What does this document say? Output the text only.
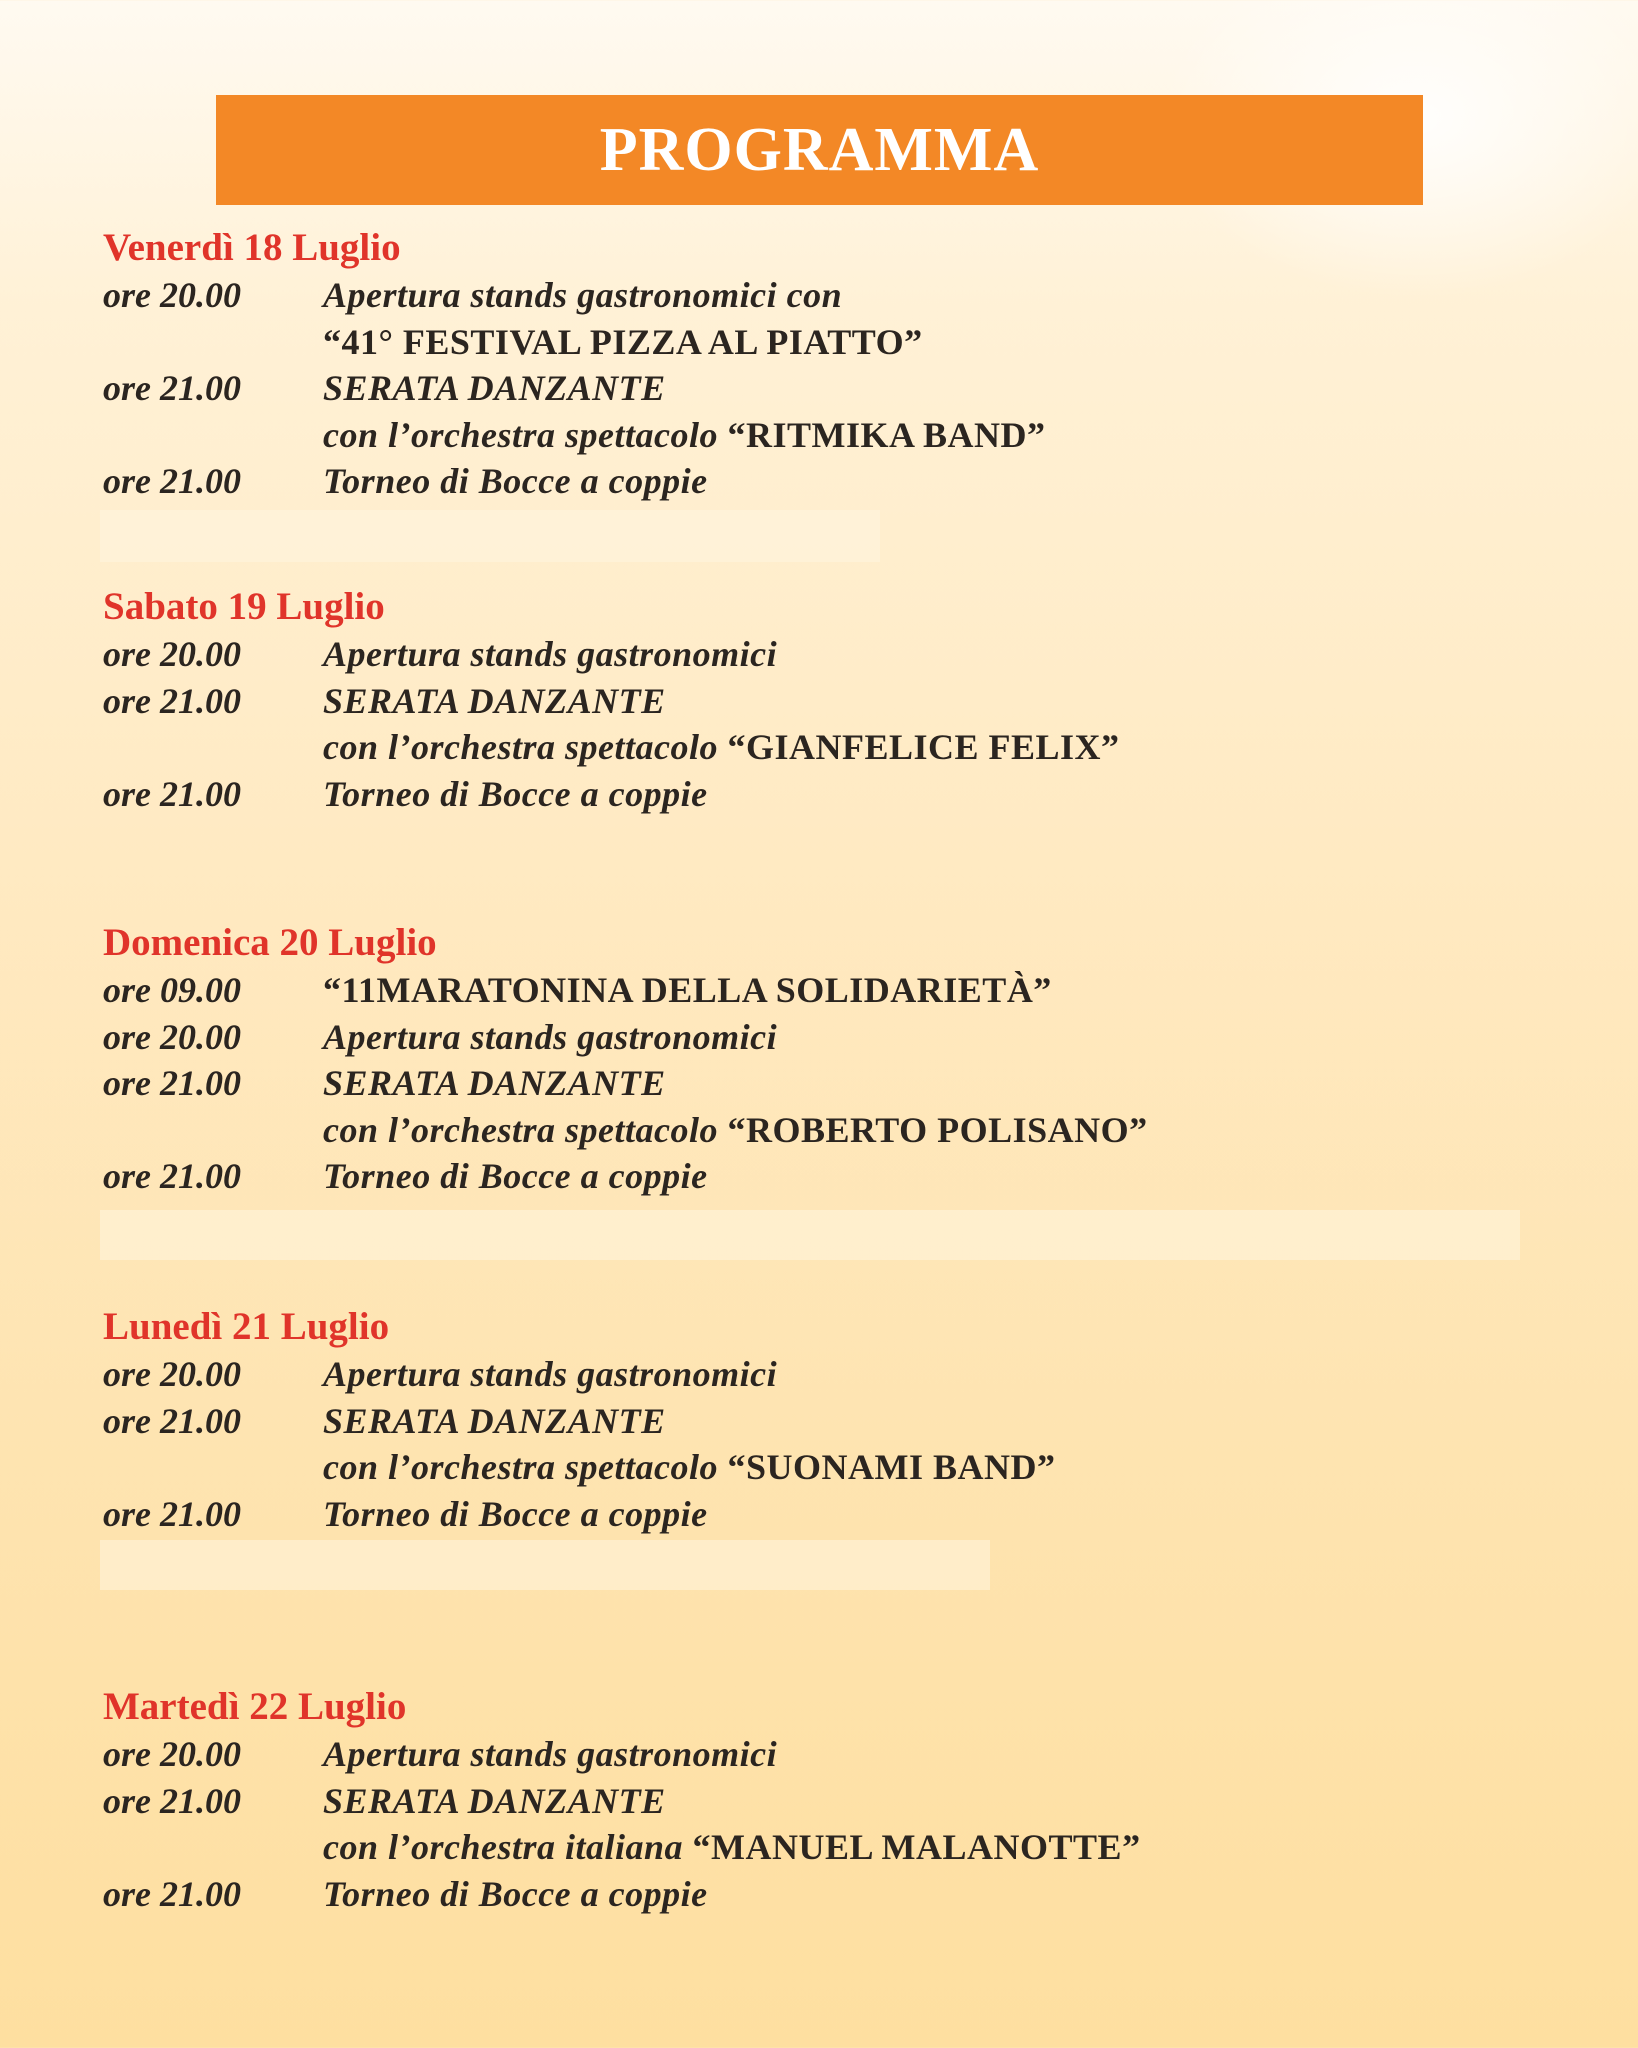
PROGRAMMA
Venerdì 18 Luglio
ore 20.00 Apertura stands gastronomici con
“41° FESTIVAL PIZZA AL PIATTO”
ore 21.00 SERATA DANZANTE
con l’orchestra spettacolo “RITMIKA BAND”
ore 21.00 Torneo di Bocce a coppie
Sabato 19 Luglio
ore 20.00 Apertura stands gastronomici
ore 21.00 SERATA DANZANTE
con l’orchestra spettacolo “GIANFELICE FELIX”
ore 21.00 Torneo di Bocce a coppie
Domenica 20 Luglio
ore 09.00 “11MARATONINA DELLA SOLIDARIETÀ”
ore 20.00 Apertura stands gastronomici
ore 21.00 SERATA DANZANTE
con l’orchestra spettacolo “ROBERTO POLISANO”
ore 21.00 Torneo di Bocce a coppie
Lunedì 21 Luglio
ore 20.00 Apertura stands gastronomici
ore 21.00 SERATA DANZANTE
con l’orchestra spettacolo “SUONAMI BAND”
ore 21.00 Torneo di Bocce a coppie
Martedì 22 Luglio
ore 20.00 Apertura stands gastronomici
ore 21.00 SERATA DANZANTE
con l’orchestra italiana “MANUEL MALANOTTE”
ore 21.00 Torneo di Bocce a coppie
